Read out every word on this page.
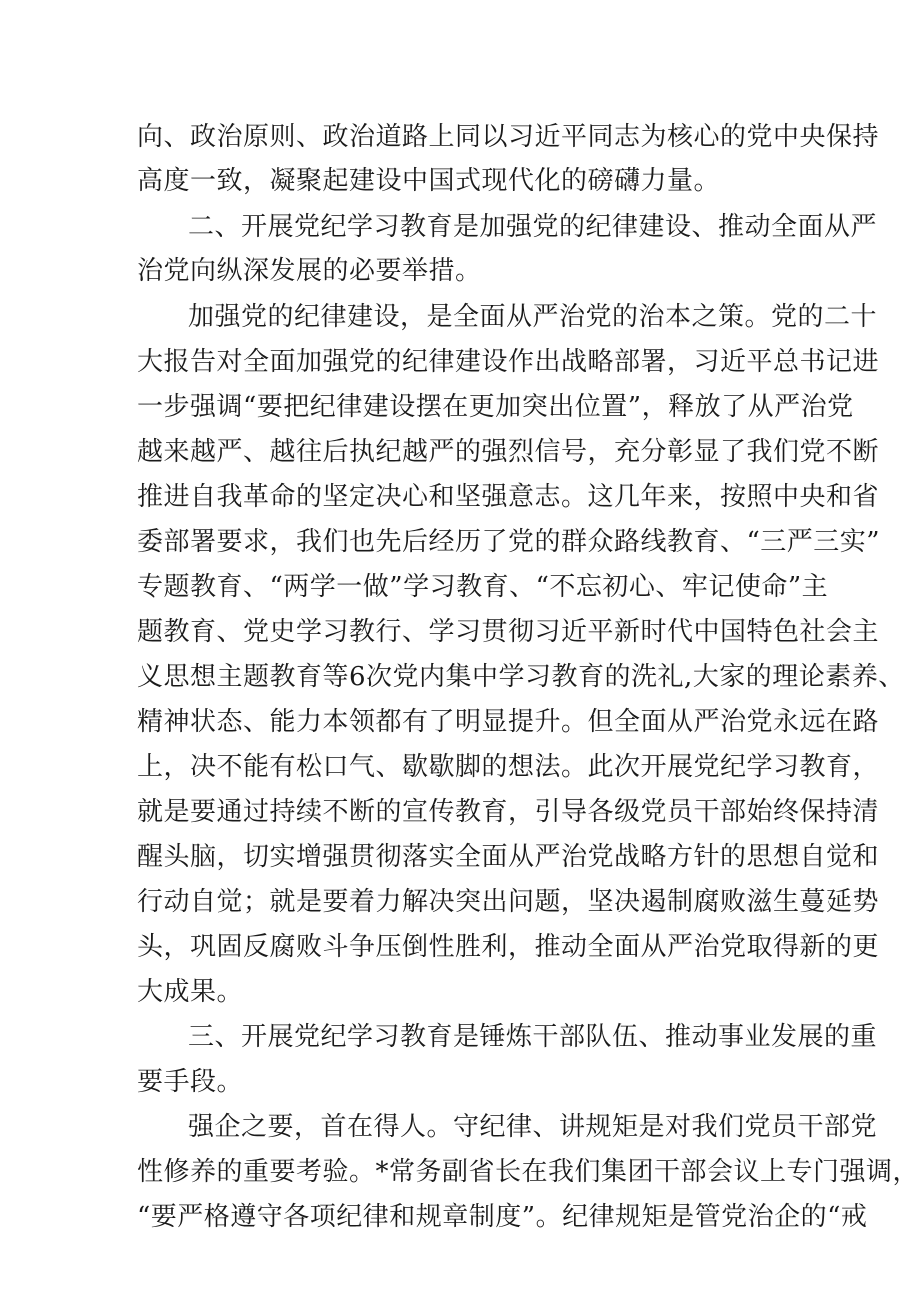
向、政治原则、政治道路上同以习近平同志为核心的党中央保持
高度一致，凝聚起建设中国式现代化的磅礴力量。
二、开展党纪学习教育是加强党的纪律建设、推动全面从严
治党向纵深发展的必要举措。
加强党的纪律建设，是全面从严治党的治本之策。党的二十
大报告对全面加强党的纪律建设作出战略部署，习近平总书记进
一步强调“要把纪律建设摆在更加突出位置”，释放了从严治党
越来越严、越往后执纪越严的强烈信号，充分彰显了我们党不断
推进自我革命的坚定决心和坚强意志。这几年来，按照中央和省
委部署要求，我们也先后经历了党的群众路线教育、“三严三实”
专题教育、“两学一做”学习教育、“不忘初心、牢记使命”主
题教育、党史学习教行、学习贯彻习近平新时代中国特色社会主
义思想主题教育等6次党内集中学习教育的洗礼,大家的理论素养、
精神状态、能力本领都有了明显提升。但全面从严治党永远在路
上，决不能有松口气、歇歇脚的想法。此次开展党纪学习教育，
就是要通过持续不断的宣传教育，引导各级党员干部始终保持清
醒头脑，切实增强贯彻落实全面从严治党战略方针的思想自觉和
行动自觉；就是要着力解决突出问题，坚决遏制腐败滋生蔓延势
头，巩固反腐败斗争压倒性胜利，推动全面从严治党取得新的更
大成果。
三、开展党纪学习教育是锤炼干部队伍、推动事业发展的重
要手段。
强企之要，首在得人。守纪律、讲规矩是对我们党员干部党
性修养的重要考验。*常务副省长在我们集团干部会议上专门强调，
“要严格遵守各项纪律和规章制度”。纪律规矩是管党治企的“戒
